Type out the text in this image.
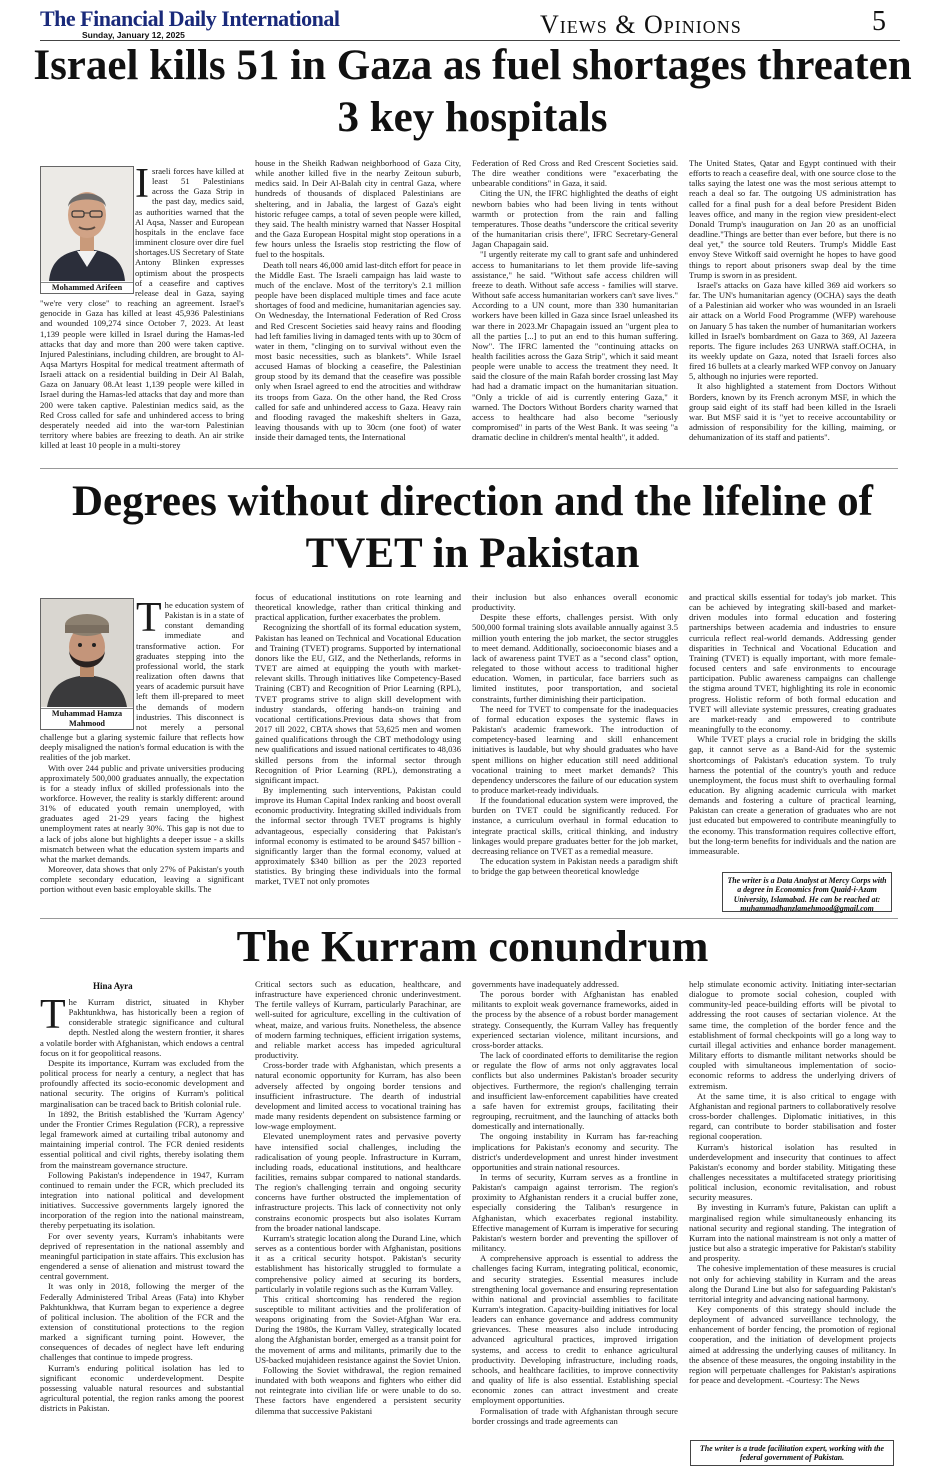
The Financial Daily International
Sunday, January 12, 2025	Views & Opinions	5
Israel kills 51 in Gaza as fuel shortages threaten 3 key hospitals
Mohammed Arifeen

Israeli forces have killed at least 51 Palestinians across the Gaza Strip in the past day, medics said, as authorities warned that the Al Aqsa, Nasser and European hospitals in the enclave face imminent closure over dire fuel shortages.US Secretary of State Antony Blinken expresses optimism about the prospects of a ceasefire and captives release deal in Gaza, saying "we're very close" to reaching an agreement. Israel's genocide in Gaza has killed at least 45,936 Palestinians and wounded 109,274 since October 7, 2023. At least 1,139 people were killed in Israel during the Hamas-led attacks that day and more than 200 were taken captive. Injured Palestinians, including children, are brought to Al-Aqsa Martyrs Hospital for medical treatment aftermath of Israeli attack on a residential building in Deir Al Balah, Gaza on January 08.At least 1,139 people were killed in Israel during the Hamas-led attacks that day and more than 200 were taken captive. Palestinian medics said, as the Red Cross called for safe and unhindered access to bring desperately needed aid into the war-torn Palestinian territory where babies are freezing to death. An air strike killed at least 10 people in a multi-storey

house in the Sheikh Radwan neighborhood of Gaza City, while another killed five in the nearby Zeitoun suburb, medics said. In Deir Al-Balah city in central Gaza, where hundreds of thousands of displaced Palestinians are sheltering, and in Jabalia, the largest of Gaza's eight historic refugee camps, a total of seven people were killed, they said. The health ministry warned that Nasser Hospital and the Gaza European Hospital might stop operations in a few hours unless the Israelis stop restricting the flow of fuel to the hospitals.

Death toll nears 46,000 amid last-ditch effort for peace in the Middle East. The Israeli campaign has laid waste to much of the enclave. Most of the territory's 2.1 million people have been displaced multiple times and face acute shortages of food and medicine, humanitarian agencies say. On Wednesday, the International Federation of Red Cross and Red Crescent Societies said heavy rains and flooding had left families living in damaged tents with up to 30cm of water in them, "clinging on to survival without even the most basic necessities, such as blankets". While Israel accused Hamas of blocking a ceasefire, the Palestinian group stood by its demand that the ceasefire was possible only when Israel agreed to end the atrocities and withdraw its troops from Gaza. On the other hand, the Red Cross called for safe and unhindered access to Gaza. Heavy rain and flooding ravaged the makeshift shelters in Gaza, leaving thousands with up to 30cm (one foot) of water inside their damaged tents, the International

Federation of Red Cross and Red Crescent Societies said. The dire weather conditions were "exacerbating the unbearable conditions" in Gaza, it said.

Citing the UN, the IFRC highlighted the deaths of eight newborn babies who had been living in tents without warmth or protection from the rain and falling temperatures. Those deaths "underscore the critical severity of the humanitarian crisis there", IFRC Secretary-General Jagan Chapagain said.

"I urgently reiterate my call to grant safe and unhindered access to humanitarians to let them provide life-saving assistance," he said. "Without safe access children will freeze to death. Without safe access - families will starve. Without safe access humanitarian workers can't save lives." According to a UN count, more than 330 humanitarian workers have been killed in Gaza since Israel unleashed its war there in 2023.Mr Chapagain issued an "urgent plea to all the parties [...] to put an end to this human suffering. Now". The IFRC lamented the "continuing attacks on health facilities across the Gaza Strip", which it said meant people were unable to access the treatment they need. It said the closure of the main Rafah border crossing last May had had a dramatic impact on the humanitarian situation. "Only a trickle of aid is currently entering Gaza," it warned. The Doctors Without Borders charity warned that access to healthcare had also become "seriously compromised" in parts of the West Bank. It was seeing "a dramatic decline in children's mental health", it added.

The United States, Qatar and Egypt continued with their efforts to reach a ceasefire deal, with one source close to the talks saying the latest one was the most serious attempt to reach a deal so far. The outgoing US administration has called for a final push for a deal before President Biden leaves office, and many in the region view president-elect Donald Trump's inauguration on Jan 20 as an unofficial deadline."Things are better than ever before, but there is no deal yet," the source told Reuters. Trump's Middle East envoy Steve Witkoff said overnight he hopes to have good things to report about prisoners swap deal by the time Trump is sworn in as president.

Israel's attacks on Gaza have killed 369 aid workers so far. The UN's humanitarian agency (OCHA) says the death of a Palestinian aid worker who was wounded in an Israeli air attack on a World Food Programme (WFP) warehouse on January 5 has taken the number of humanitarian workers killed in Israel's bombardment on Gaza to 369, Al Jazeera reports. The figure includes 263 UNRWA staff.OCHA, in its weekly update on Gaza, noted that Israeli forces also fired 16 bullets at a clearly marked WFP convoy on January 5, although no injuries were reported.

It also highlighted a statement from Doctors Without Borders, known by its French acronym MSF, in which the group said eight of its staff had been killed in the Israeli war. But MSF said it is "yet to receive accountability or admission of responsibility for the killing, maiming, or dehumanization of its staff and patients".

Degrees without direction and the lifeline of TVET in Pakistan
Muhammad Hamza Mahmood

The education system of Pakistan is in a state of constant demanding immediate and transformative action. For graduates stepping into the professional world, the stark realization often dawns that years of academic pursuit have left them ill-prepared to meet the demands of modern industries. This disconnect is not merely a personal challenge but a glaring systemic failure that reflects how deeply misaligned the nation's formal education is with the realities of the job market.

With over 244 public and private universities producing approximately 500,000 graduates annually, the expectation is for a steady influx of skilled professionals into the workforce. However, the reality is starkly different: around 31% of educated youth remain unemployed, with graduates aged 21-29 years facing the highest unemployment rates at nearly 30%. This gap is not due to a lack of jobs alone but highlights a deeper issue - a skills mismatch between what the education system imparts and what the market demands.

Moreover, data shows that only 27% of Pakistan's youth complete secondary education, leaving a significant portion without even basic employable skills. The

focus of educational institutions on rote learning and theoretical knowledge, rather than critical thinking and practical application, further exacerbates the problem.

Recognizing the shortfall of its formal education system, Pakistan has leaned on Technical and Vocational Education and Training (TVET) programs. Supported by international donors like the EU, GIZ, and the Netherlands, reforms in TVET are aimed at equipping the youth with market-relevant skills. Through initiatives like Competency-Based Training (CBT) and Recognition of Prior Learning (RPL), TVET programs strive to align skill development with industry standards, offering hands-on training and vocational certifications.Previous data shows that from 2017 till 2022, CBTA shows that 53,625 men and women gained qualifications through the CBT methodology using new qualifications and issued national certificates to 48,036 skilled persons from the informal sector through Recognition of Prior Learning (RPL), demonstrating a significant impact.

By implementing such interventions, Pakistan could improve its Human Capital Index ranking and boost overall economic productivity. Integrating skilled individuals from the informal sector through TVET programs is highly advantageous, especially considering that Pakistan's informal economy is estimated to be around $457 billion - significantly larger than the formal economy, valued at approximately $340 billion as per the 2023 reported statistics. By bringing these individuals into the formal market, TVET not only promotes

their inclusion but also enhances overall economic productivity.

Despite these efforts, challenges persist. With only 500,000 formal training slots available annually against 3.5 million youth entering the job market, the sector struggles to meet demand. Additionally, socioeconomic biases and a lack of awareness paint TVET as a "second class" option, relegated to those without access to traditional higher education. Women, in particular, face barriers such as limited institutes, poor transportation, and societal constraints, further diminishing their participation.

The need for TVET to compensate for the inadequacies of formal education exposes the systemic flaws in Pakistan's academic framework. The introduction of competency-based learning and skill enhancement initiatives is laudable, but why should graduates who have spent millions on higher education still need additional vocational training to meet market demands? This dependency underscores the failure of our education system to produce market-ready individuals.

If the foundational education system were improved, the burden on TVET could be significantly reduced. For instance, a curriculum overhaul in formal education to integrate practical skills, critical thinking, and industry linkages would prepare graduates better for the job market, decreasing reliance on TVET as a remedial measure.

The education system in Pakistan needs a paradigm shift to bridge the gap between theoretical knowledge

and practical skills essential for today's job market. This can be achieved by integrating skill-based and market-driven modules into formal education and fostering partnerships between academia and industries to ensure curricula reflect real-world demands. Addressing gender disparities in Technical and Vocational Education and Training (TVET) is equally important, with more female-focused centers and safe environments to encourage participation. Public awareness campaigns can challenge the stigma around TVET, highlighting its role in economic progress. Holistic reform of both formal education and TVET will alleviate systemic pressures, creating graduates are market-ready and empowered to contribute meaningfully to the economy.

While TVET plays a crucial role in bridging the skills gap, it cannot serve as a Band-Aid for the systemic shortcomings of Pakistan's education system. To truly harness the potential of the country's youth and reduce unemployment, the focus must shift to overhauling formal education. By aligning academic curricula with market demands and fostering a culture of practical learning, Pakistan can create a generation of graduates who are not just educated but empowered to contribute meaningfully to the economy. This transformation requires collective effort, but the long-term benefits for individuals and the nation are immeasurable.

The writer is a Data Analyst at Mercy Corps with a degree in Economics from Quaid-i-Azam University, Islamabad. He can be reached at: muhammadhanzlamehmood@gmail.com
The Kurram conundrum
Hina Ayra

The Kurram district, situated in Khyber Pakhtunkhwa, has historically been a region of considerable strategic significance and cultural depth. Nestled along the western frontier, it shares a volatile border with Afghanistan, which endows a central focus on it for geopolitical reasons.

Despite its importance, Kurram was excluded from the political process for nearly a century, a neglect that has profoundly affected its socio-economic development and national security. The origins of Kurram's political marginalisation can be traced back to British colonial rule.

In 1892, the British established the 'Kurram Agency' under the Frontier Crimes Regulation (FCR), a repressive legal framework aimed at curtailing tribal autonomy and maintaining imperial control. The FCR denied residents essential political and civil rights, thereby isolating them from the mainstream governance structure.

Following Pakistan's independence in 1947, Kurram continued to remain under the FCR, which precluded its integration into national political and development initiatives. Successive governments largely ignored the incorporation of the region into the national mainstream, thereby perpetuating its isolation.

For over seventy years, Kurram's inhabitants were deprived of representation in the national assembly and meaningful participation in state affairs. This exclusion has engendered a sense of alienation and mistrust toward the central government.

It was only in 2018, following the merger of the Federally Administered Tribal Areas (Fata) into Khyber Pakhtunkhwa, that Kurram began to experience a degree of political inclusion. The abolition of the FCR and the extension of constitutional protections to the region marked a significant turning point. However, the consequences of decades of neglect have left enduring challenges that continue to impede progress.

Kurram's enduring political isolation has led to significant economic underdevelopment. Despite possessing valuable natural resources and substantial agricultural potential, the region ranks among the poorest districts in Pakistan.

Critical sectors such as education, healthcare, and infrastructure have experienced chronic underinvestment. The fertile valleys of Kurram, particularly Parachinar, are well-suited for agriculture, excelling in the cultivation of wheat, maize, and various fruits. Nonetheless, the absence of modern farming techniques, efficient irrigation systems, and reliable market access has impeded agricultural productivity.

Cross-border trade with Afghanistan, which presents a natural economic opportunity for Kurram, has also been adversely affected by ongoing border tensions and insufficient infrastructure. The dearth of industrial development and limited access to vocational training has made many residents dependent on subsistence farming or low-wage employment.

Elevated unemployment rates and pervasive poverty have intensified social challenges, including the radicalisation of young people. Infrastructure in Kurram, including roads, educational institutions, and healthcare facilities, remains subpar compared to national standards. The region's challenging terrain and ongoing security concerns have further obstructed the implementation of infrastructure projects. This lack of connectivity not only constrains economic prospects but also isolates Kurram from the broader national landscape.

Kurram's strategic location along the Durand Line, which serves as a contentious border with Afghanistan, positions it as a critical security hotspot. Pakistan's security establishment has historically struggled to formulate a comprehensive policy aimed at securing its borders, particularly in volatile regions such as the Kurram Valley.

This critical shortcoming has rendered the region susceptible to militant activities and the proliferation of weapons originating from the Soviet-Afghan War era. During the 1980s, the Kurram Valley, strategically located along the Afghanistan border, emerged as a transit point for the movement of arms and militants, primarily due to the US-backed mujahideen resistance against the Soviet Union.

Following the Soviet withdrawal, the region remained inundated with both weapons and fighters who either did not reintegrate into civilian life or were unable to do so. These factors have engendered a persistent security dilemma that successive Pakistani

governments have inadequately addressed.

The porous border with Afghanistan has enabled militants to exploit weak governance frameworks, aided in the process by the absence of a robust border management strategy. Consequently, the Kurram Valley has frequently experienced sectarian violence, militant incursions, and cross-border attacks.

The lack of coordinated efforts to demilitarise the region or regulate the flow of arms not only aggravates local conflicts but also undermines Pakistan's broader security objectives. Furthermore, the region's challenging terrain and insufficient law-enforcement capabilities have created a safe haven for extremist groups, facilitating their regrouping, recruitment, and the launching of attacks both domestically and internationally.

The ongoing instability in Kurram has far-reaching implications for Pakistan's economy and security. The district's underdevelopment and unrest hinder investment opportunities and strain national resources.

In terms of security, Kurram serves as a frontline in Pakistan's campaign against terrorism. The region's proximity to Afghanistan renders it a crucial buffer zone, especially considering the Taliban's resurgence in Afghanistan, which exacerbates regional instability. Effective management of Kurram is imperative for securing Pakistan's western border and preventing the spillover of militancy.

A comprehensive approach is essential to address the challenges facing Kurram, integrating political, economic, and security strategies. Essential measures include strengthening local governance and ensuring representation within national and provincial assemblies to facilitate Kurram's integration. Capacity-building initiatives for local leaders can enhance governance and address community grievances. These measures also include introducing advanced agricultural practices, improved irrigation systems, and access to credit to enhance agricultural productivity. Developing infrastructure, including roads, schools, and healthcare facilities, to improve connectivity and quality of life is also essential. Establishing special economic zones can attract investment and create employment opportunities.

Formalisation of trade with Afghanistan through secure border crossings and trade agreements can

help stimulate economic activity. Initiating inter-sectarian dialogue to promote social cohesion, coupled with community-led peace-building efforts will be pivotal to addressing the root causes of sectarian violence. At the same time, the completion of the border fence and the establishment of formal checkpoints will go a long way to curtail illegal activities and enhance border management. Military efforts to dismantle militant networks should be coupled with simultaneous implementation of socio-economic reforms to address the underlying drivers of extremism.

At the same time, it is also critical to engage with Afghanistan and regional partners to collaboratively resolve cross-border challenges. Diplomatic initiatives, in this regard, can contribute to border stabilisation and foster regional cooperation.

Kurram's historical isolation has resulted in underdevelopment and insecurity that continues to affect Pakistan's economy and border stability. Mitigating these challenges necessitates a multifaceted strategy prioritising political inclusion, economic revitalisation, and robust security measures.

By investing in Kurram's future, Pakistan can uplift a marginalised region while simultaneously enhancing its national security and regional standing. The integration of Kurram into the national mainstream is not only a matter of justice but also a strategic imperative for Pakistan's stability and prosperity.

The cohesive implementation of these measures is crucial not only for achieving stability in Kurram and the areas along the Durand Line but also for safeguarding Pakistan's territorial integrity and advancing national harmony.

Key components of this strategy should include the deployment of advanced surveillance technology, the enhancement of border fencing, the promotion of regional cooperation, and the initiation of development projects aimed at addressing the underlying causes of militancy. In the absence of these measures, the ongoing instability in the region will perpetuate challenges for Pakistan's aspirations for peace and development. -Courtesy: The News

The writer is a trade facilitation expert, working with the federal government of Pakistan.
